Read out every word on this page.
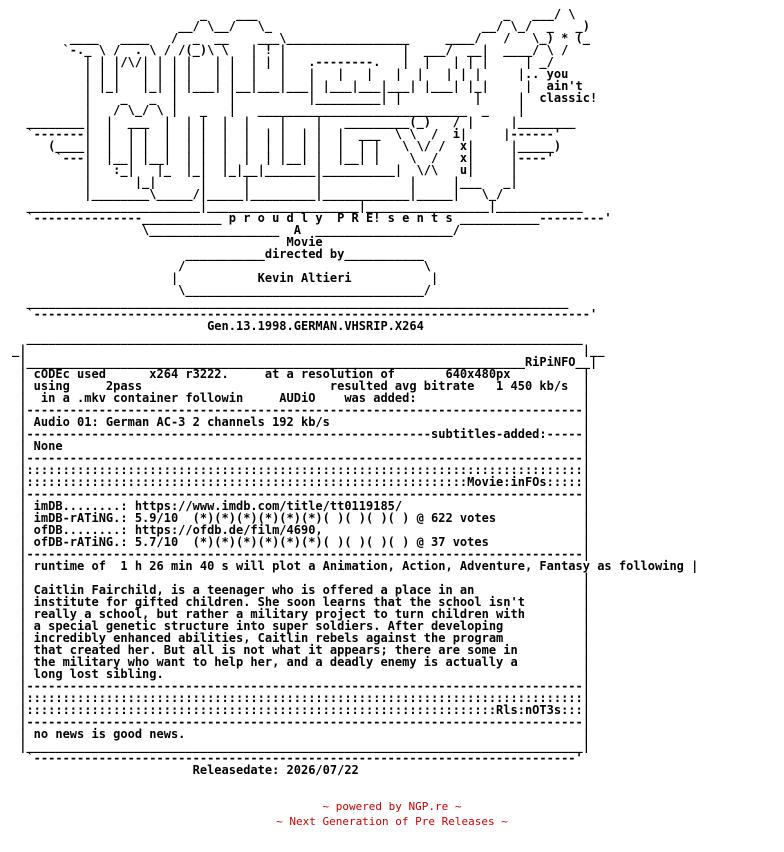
_    ___                                  _   ___/ \
__/ \__/   \_                             __/ \_/  _   _)
____   ____   /  _  __    ___\_________________     ____/   /   \_) * (_
`-._ \ /  . \ / /(_)\ \   | ! |                |  ___/  __|  ____/ \ /
| | |/\/| | | |   | |  | | |   .--------.   |  |   | | |     | _/
| | |   | | | |   | |  |   |   |   |   |   |  |   | | |     |.. you
| |_|   |_| | |___| |__|___|___| |___|___|___| |___| |_|     |  ain't
|    _   _  |       |          |_________| |          |     |  classic!
|   / \_/ \ |   _   |   _____________________________  _    |
________|  |  ___  |  | |  |  |    |    |   _________(_)   / |     |________
`-------|  |  | |  |  | |  |  |  | |  | |  |  ___  \ \  /  i|     |------'
(____|  |  | |  |  | |  |  |  | |  | |  |  | |   \ \/ /  x|     |_____)
`---|  |__| |__|  | |  |  |  | |__| |  |__| |    \  /   x|     |----'
|   :_|   |_  |_|  |_|__|_______|__________|  \/\   u|     |
|      |_|      |     |         |            |     |___   _|
|________\_____/|_____|_________|____________|_____|   \_/
________________________|_____________________|_________________|____________
`---------------___________ p r o u d l y  P R E! s e n t s ___________---------'
\__________________  A  ___________________/
Movie
___________directed by___________
/                                 \
|           Kevin Altieri           |
\_________________________________/
___________________________________________________________________________
`-----------------------------------------------------------------------------'
Gen.13.1998.GERMAN.VHSRIP.X264
_____________________________________________________________________________
_|                                                                             |__
|_____________________________________________________________________RiPiNFO__|
| cODEc used      x264 r3222.     at a resolution of       640x480px          |
| using     2pass                          resulted avg bitrate   1 450 kb/s  |
|  in a .mkv container followin     AUDiO    was added:                       |
|-----------------------------------------------------------------------------|
| Audio 01: German AC-3 2 channels 192 kb/s                                   |
|--------------------------------------------------------subtitles-added:-----|
| None                                                                        |
|-----------------------------------------------------------------------------|
|:::::::::::::::::::::::::::::::::::::::::::::::::::::::::::::::::::::::::::::|
|:::::::::::::::::::::::::::::::::::::::::::::::::::::::::::::Movie:inFOs:::::|
|-----------------------------------------------------------------------------|
| imDB........: https://www.imdb.com/title/tt0119185/                         |
| imDB-rATiNG.: 5.9/10  (*)(*)(*)(*)(*)(*)( )( )( )( ) @ 622 votes            |
| ofDB........: https://ofdb.de/film/4690,                                    |
| ofDB-rATiNG.: 5.7/10  (*)(*)(*)(*)(*)(*)( )( )( )( ) @ 37 votes             |
|-----------------------------------------------------------------------------|
| runtime of  1 h 26 min 40 s will plot a Animation, Action, Adventure, Fantasy as following |
|                                                                             |
| Caitlin Fairchild, is a teenager who is offered a place in an               |
| institute for gifted children. She soon learns that the school isn't        |
| really a school, but rather a military project to turn children with        |
| a special genetic structure into super soldiers. After developing           |
| incredibly enhanced abilities, Caitlin rebels against the program           |
| that created her. But all is not what it appears; there are some in         |
| the military who want to help her, and a deadly enemy is actually a         |
| long lost sibling.                                                          |
|-----------------------------------------------------------------------------|
|:::::::::::::::::::::::::::::::::::::::::::::::::::::::::::::::::::::::::::::|
|:::::::::::::::::::::::::::::::::::::::::::::::::::::::::::::::::Rls:nOT3s:::|
|-----------------------------------------------------------------------------|
| no news is good news.                                                       |
|_____________________________________________________________________________|
`---------------------------------------------------------------------------'
Releasedate: 2026/07/22
~ powered by NGP.re ~
~ Next Generation of Pre Releases ~
